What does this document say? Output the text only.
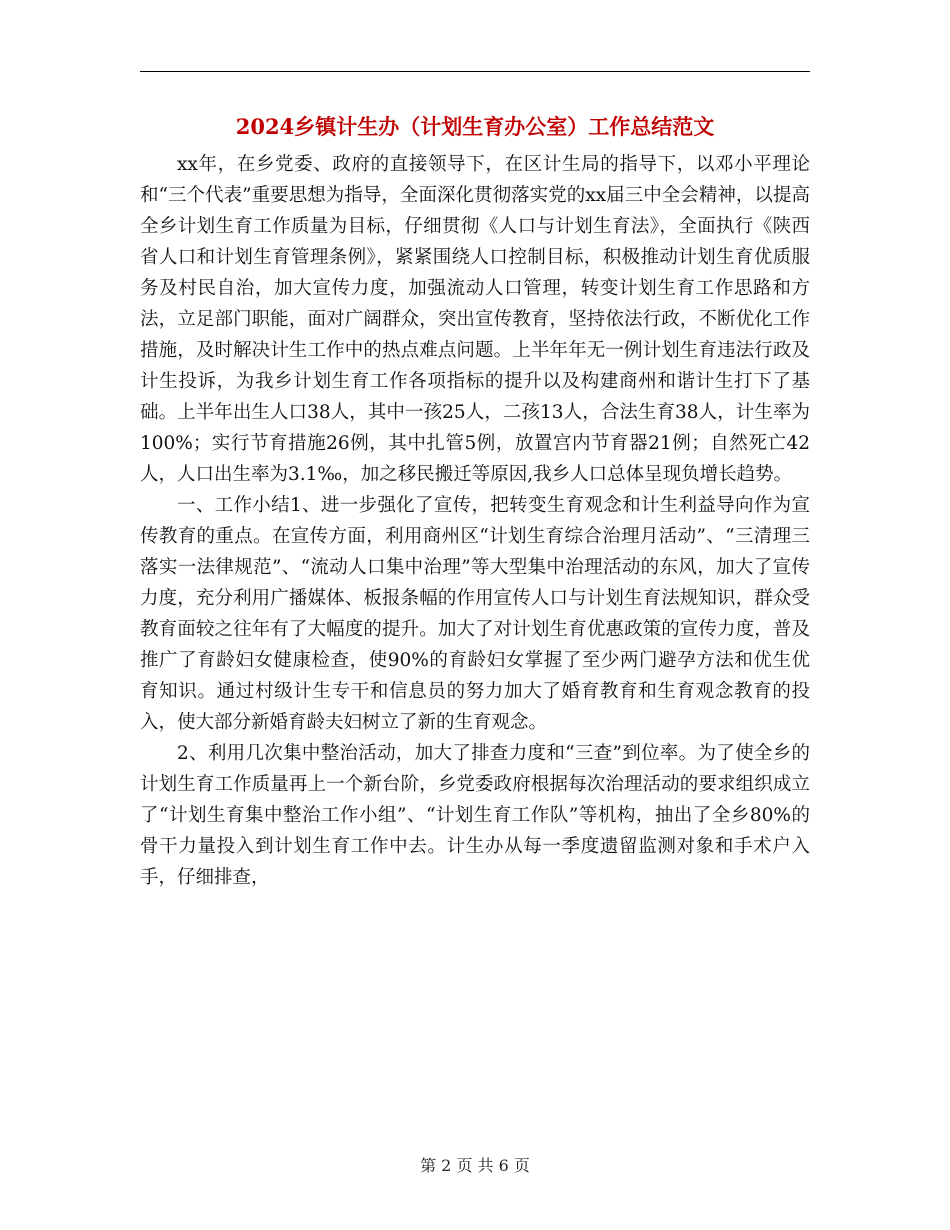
2024乡镇计生办（计划生育办公室）工作总结范文

xx年，在乡党委、政府的直接领导下，在区计生局的指导下，以邓小平理论和“三个代表”重要思想为指导，全面深化贯彻落实党的xx届三中全会精神，以提高全乡计划生育工作质量为目标，仔细贯彻《人口与计划生育法》，全面执行《陕西省人口和计划生育管理条例》，紧紧围绕人口控制目标，积极推动计划生育优质服务及村民自治，加大宣传力度，加强流动人口管理，转变计划生育工作思路和方法，立足部门职能，面对广阔群众，突出宣传教育，坚持依法行政，不断优化工作措施，及时解决计生工作中的热点难点问题。上半年年无一例计划生育违法行政及计生投诉，为我乡计划生育工作各项指标的提升以及构建商州和谐计生打下了基础。上半年出生人口38人，其中一孩25人，二孩13人，合法生育38人，计生率为100%；实行节育措施26例，其中扎管5例，放置宫内节育器21例；自然死亡42人，人口出生率为3.1‰，加之移民搬迁等原因,我乡人口总体呈现负增长趋势。

一、工作小结1、进一步强化了宣传，把转变生育观念和计生利益导向作为宣传教育的重点。在宣传方面，利用商州区“计划生育综合治理月活动”、“三清理三落实一法律规范”、“流动人口集中治理”等大型集中治理活动的东风，加大了宣传力度，充分利用广播媒体、板报条幅的作用宣传人口与计划生育法规知识，群众受教育面较之往年有了大幅度的提升。加大了对计划生育优惠政策的宣传力度，普及推广了育龄妇女健康检查，使90%的育龄妇女掌握了至少两门避孕方法和优生优育知识。通过村级计生专干和信息员的努力加大了婚育教育和生育观念教育的投入，使大部分新婚育龄夫妇树立了新的生育观念。

2、利用几次集中整治活动，加大了排查力度和“三查”到位率。为了使全乡的计划生育工作质量再上一个新台阶，乡党委政府根据每次治理活动的要求组织成立了“计划生育集中整治工作小组”、“计划生育工作队”等机构，抽出了全乡80%的骨干力量投入到计划生育工作中去。计生办从每一季度遗留监测对象和手术户入手，仔细排查，

第 2 页 共 6 页
